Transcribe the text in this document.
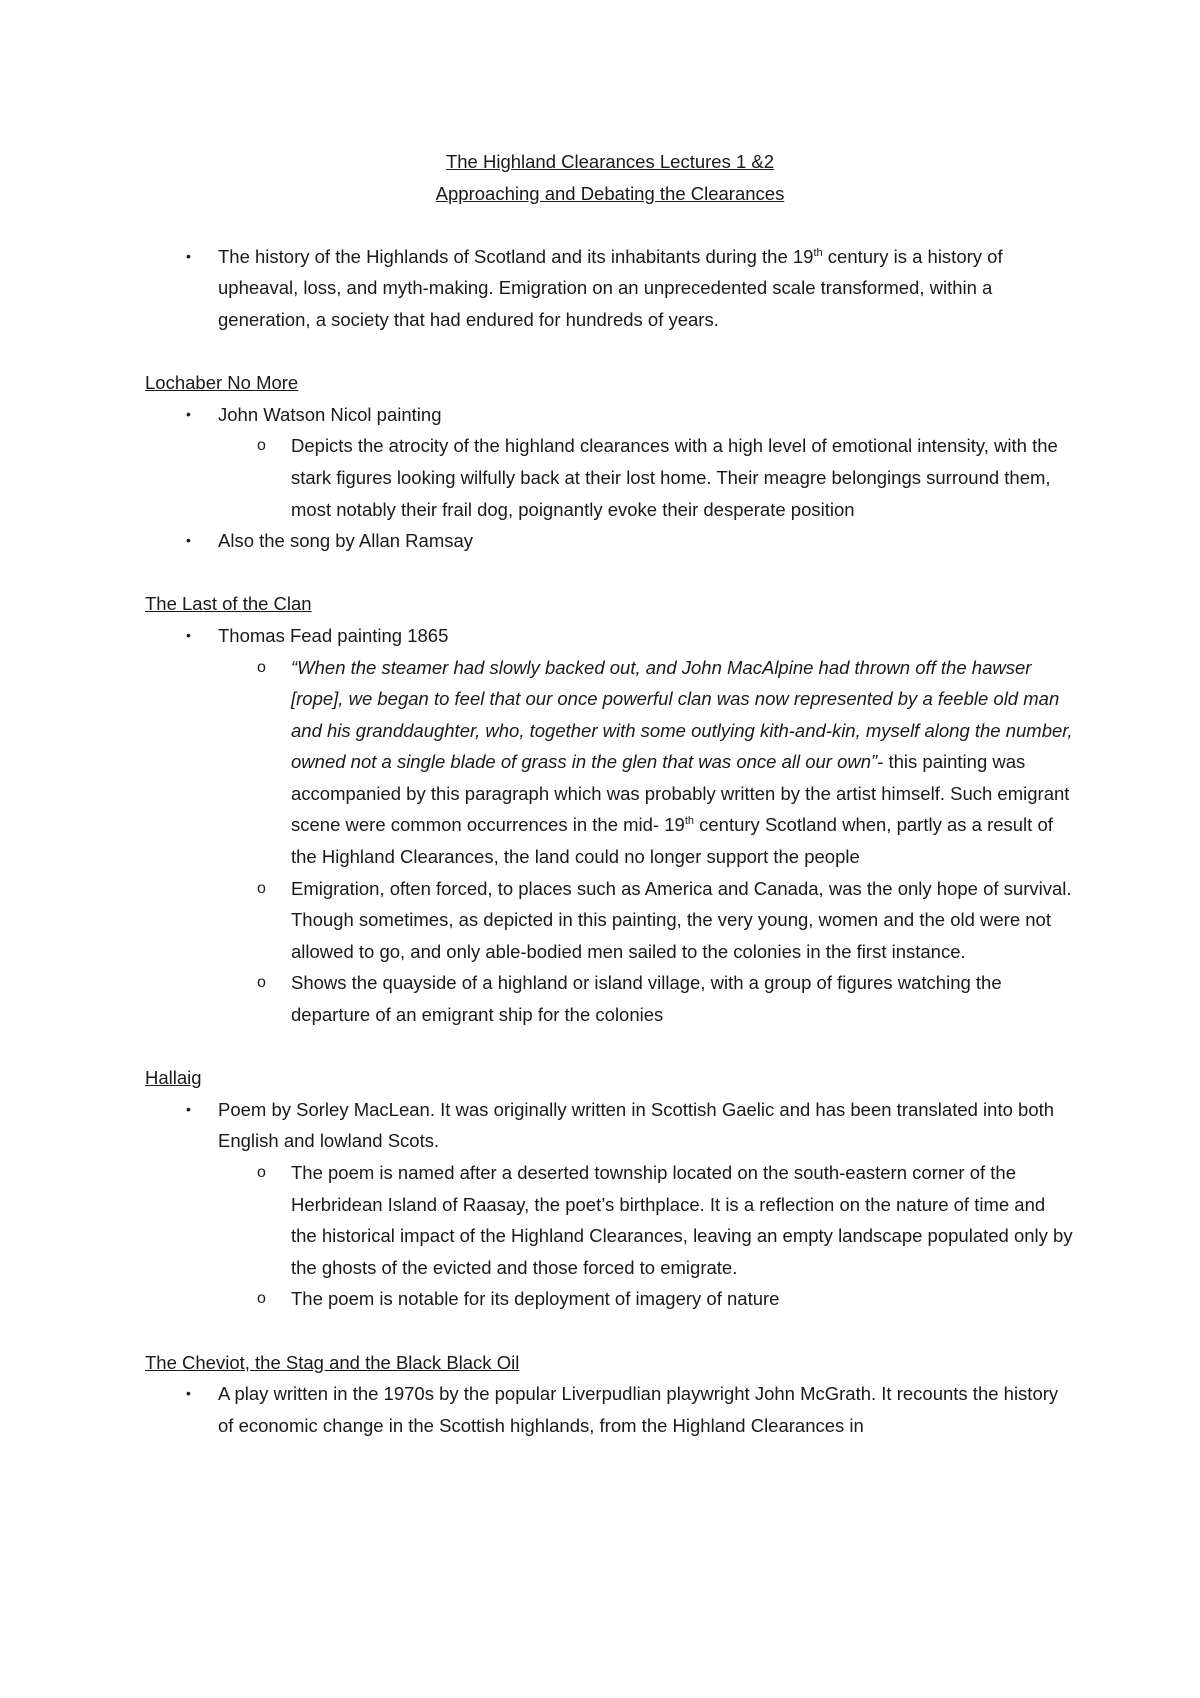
The Highland Clearances Lectures 1 &2

Approaching and Debating the Clearances

• The history of the Highlands of Scotland and its inhabitants during the 19th century is a history of upheaval, loss, and myth-making. Emigration on an unprecedented scale transformed, within a generation, a society that had endured for hundreds of years.

Lochaber No More

• John Watson Nicol painting
o Depicts the atrocity of the highland clearances with a high level of emotional intensity, with the stark figures looking wilfully back at their lost home. Their meagre belongings surround them, most notably their frail dog, poignantly evoke their desperate position
• Also the song by Allan Ramsay

The Last of the Clan

• Thomas Fead painting 1865
o “When the steamer had slowly backed out, and John MacAlpine had thrown off the hawser [rope], we began to feel that our once powerful clan was now represented by a feeble old man and his granddaughter, who, together with some outlying kith-and-kin, myself along the number, owned not a single blade of grass in the glen that was once all our own”- this painting was accompanied by this paragraph which was probably written by the artist himself. Such emigrant scene were common occurrences in the mid- 19th century Scotland when, partly as a result of the Highland Clearances, the land could no longer support the people
o Emigration, often forced, to places such as America and Canada, was the only hope of survival. Though sometimes, as depicted in this painting, the very young, women and the old were not allowed to go, and only able-bodied men sailed to the colonies in the first instance.
o Shows the quayside of a highland or island village, with a group of figures watching the departure of an emigrant ship for the colonies

Hallaig

• Poem by Sorley MacLean. It was originally written in Scottish Gaelic and has been translated into both English and lowland Scots.
o The poem is named after a deserted township located on the south-eastern corner of the Herbridean Island of Raasay, the poet’s birthplace. It is a reflection on the nature of time and the historical impact of the Highland Clearances, leaving an empty landscape populated only by the ghosts of the evicted and those forced to emigrate.
o The poem is notable for its deployment of imagery of nature

The Cheviot, the Stag and the Black Black Oil

• A play written in the 1970s by the popular Liverpudlian playwright John McGrath. It recounts the history of economic change in the Scottish highlands, from the Highland Clearances in
